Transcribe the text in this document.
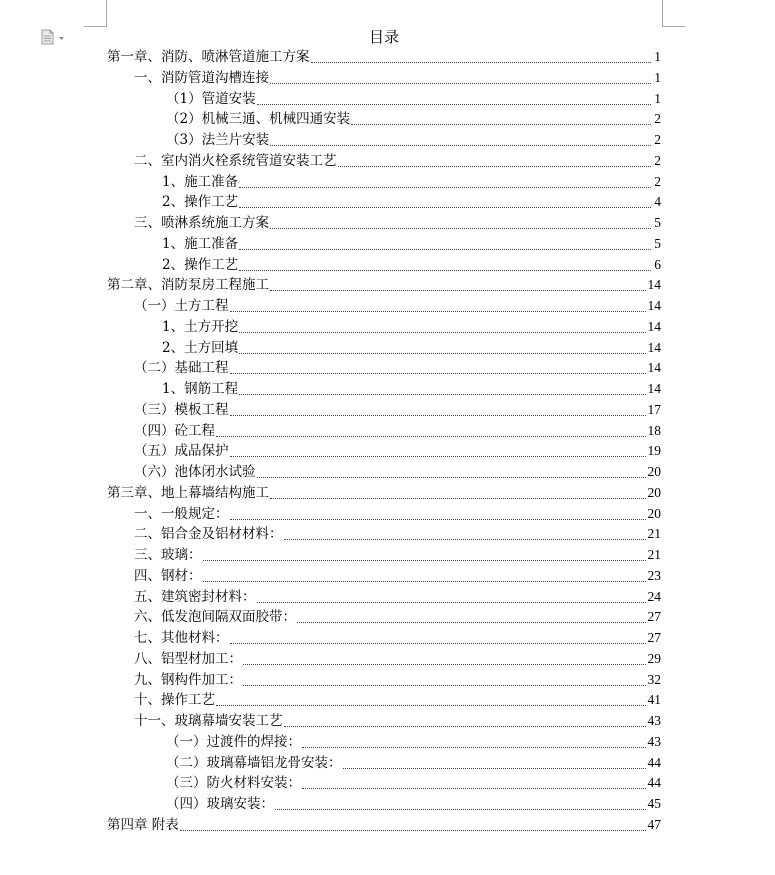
目录
第一章、消防、喷淋管道施工方案	1
一、消防管道沟槽连接	1
（1）管道安装	1
（2）机械三通、机械四通安装	2
（3）法兰片安装	2
二、室内消火栓系统管道安装工艺	2
1、施工准备	2
2、操作工艺	4
三、喷淋系统施工方案	5
1、施工准备	5
2、操作工艺	6
第二章、消防泵房工程施工	14
（一）土方工程	14
1、土方开挖	14
2、土方回填	14
（二）基础工程	14
1、钢筋工程	14
（三）模板工程	17
（四）砼工程	18
（五）成品保护	19
（六）池体闭水试验	20
第三章、地上幕墙结构施工	20
一、一般规定：	20
二、铝合金及铝材材料：	21
三、玻璃：	21
四、钢材：	23
五、建筑密封材料：	24
六、低发泡间隔双面胶带：	27
七、其他材料：	27
八、铝型材加工：	29
九、钢构件加工：	32
十、操作工艺	41
十一、玻璃幕墙安装工艺	43
（一）过渡件的焊接：	43
（二）玻璃幕墙铝龙骨安装：	44
（三）防火材料安装：	44
（四）玻璃安装：	45
第四章 附表	47
